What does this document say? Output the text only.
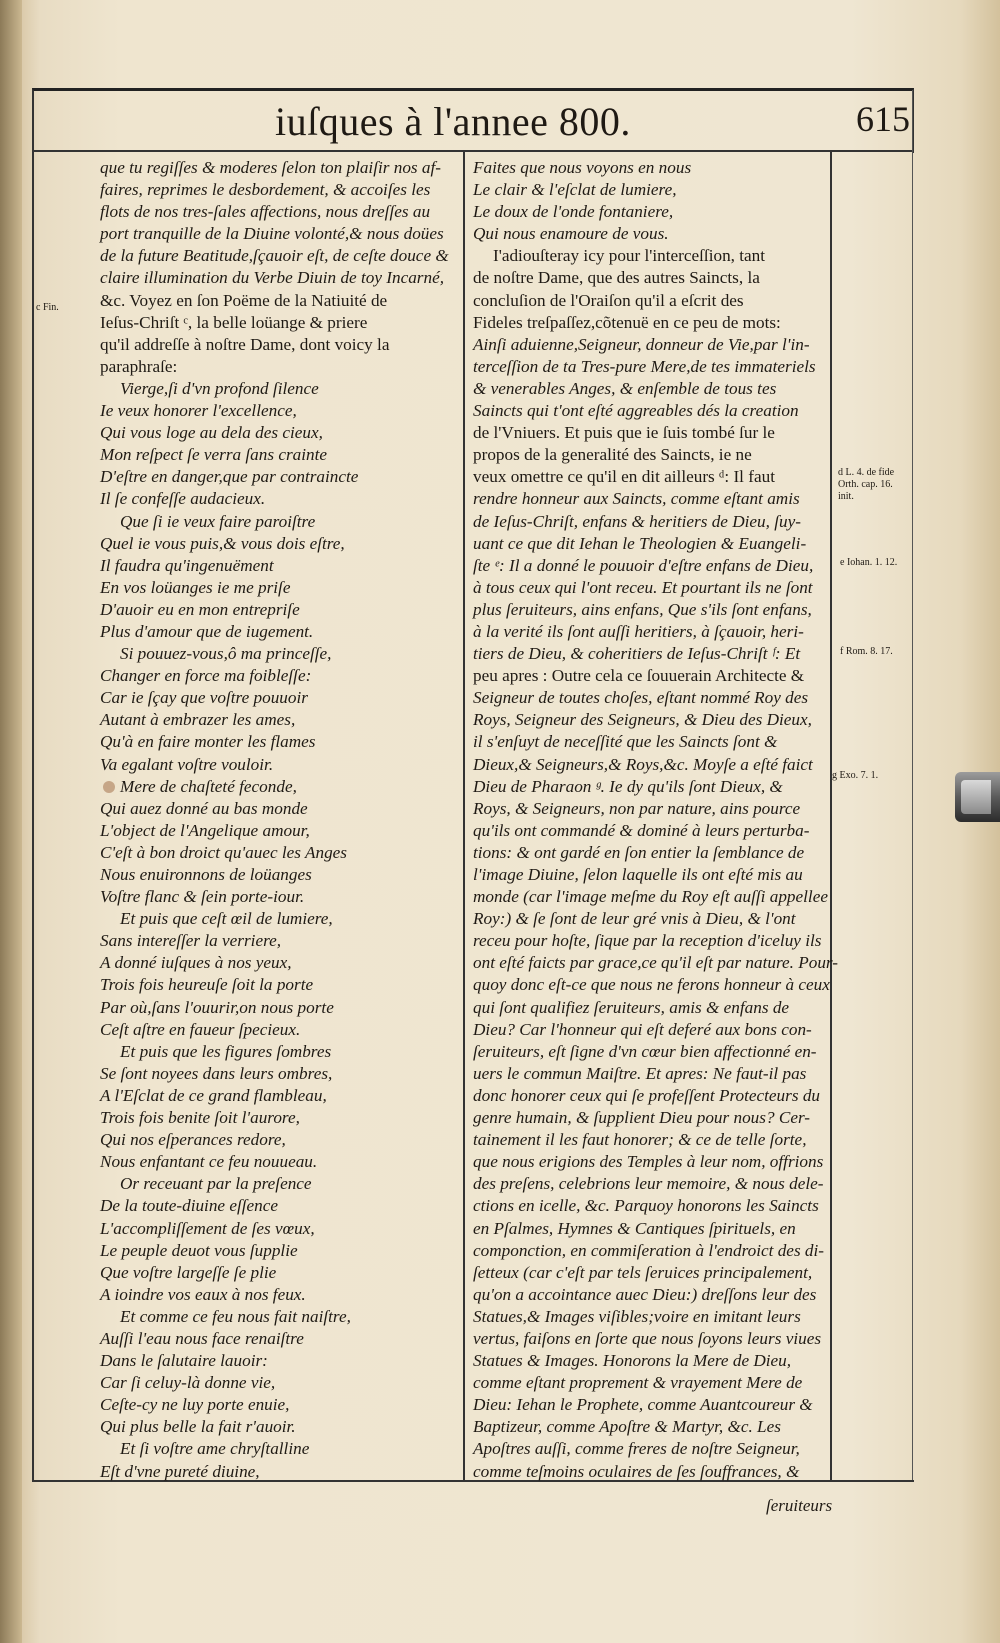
iuſques à l'annee 800.	615
que tu regiſſes & moderes ſelon ton plaiſir nos af-
faires, reprimes le desbordement, & accoiſes les
flots de nos tres-ſales affections, nous dreſſes au
port tranquille de la Diuine volonté,& nous doües
de la future Beatitude,ſçauoir eſt, de ceſte douce &
claire illumination du Verbe Diuin de toy Incarné,
&c. Voyez en ſon Poëme de la Natiuité de
Ieſus-Chriſt ᶜ, la belle loüange & priere
qu'il addreſſe à noſtre Dame, dont voicy la
paraphraſe:
Vierge,ſi d'vn profond ſilence
Ie veux honorer l'excellence,
Qui vous loge au dela des cieux,
Mon reſpect ſe verra ſans crainte
D'eſtre en danger,que par contraincte
Il ſe confeſſe audacieux.
Que ſi ie veux faire paroiſtre
Quel ie vous puis,& vous dois eſtre,
Il faudra qu'ingenuëment
En vos loüanges ie me priſe
D'auoir eu en mon entrepriſe
Plus d'amour que de iugement.
Si pouuez-vous,ô ma princeſſe,
Changer en force ma foibleſſe:
Car ie ſçay que voſtre pouuoir
Autant à embrazer les ames,
Qu'à en faire monter les flames
Va egalant voſtre vouloir.
Mere de chaſteté feconde,
Qui auez donné au bas monde
L'object de l'Angelique amour,
C'eſt à bon droict qu'auec les Anges
Nous enuironnons de loüanges
Voſtre flanc & ſein porte-iour.
Et puis que ceſt œil de lumiere,
Sans intereſſer la verriere,
A donné iuſques à nos yeux,
Trois fois heureuſe ſoit la porte
Par où,ſans l'ouurir,on nous porte
Ceſt aſtre en faueur ſpecieux.
Et puis que les figures ſombres
Se ſont noyees dans leurs ombres,
A l'Eſclat de ce grand flambleau,
Trois fois benite ſoit l'aurore,
Qui nos eſperances redore,
Nous enfantant ce feu nouueau.
Or receuant par la preſence
De la toute-diuine eſſence
L'accompliſſement de ſes vœux,
Le peuple deuot vous ſupplie
Que voſtre largeſſe ſe plie
A ioindre vos eaux à nos feux.
Et comme ce feu nous fait naiſtre,
Auſſi l'eau nous face renaiſtre
Dans le ſalutaire lauoir:
Car ſi celuy-là donne vie,
Ceſte-cy ne luy porte enuie,
Qui plus belle la fait r'auoir.
Et ſi voſtre ame chryſtalline
Eſt d'vne pureté diuine,
Faites que nous voyons en nous
Le clair & l'eſclat de lumiere,
Le doux de l'onde fontaniere,
Qui nous enamoure de vous.
I'adiouſteray icy pour l'interceſſion, tant
de noſtre Dame, que des autres Saincts, la
concluſion de l'Oraiſon qu'il a eſcrit des
Fideles treſpaſſez,cõtenuë en ce peu de mots:
Ainſi aduienne,Seigneur, donneur de Vie,par l'in-
terceſſion de ta Tres-pure Mere,de tes immateriels
& venerables Anges, & enſemble de tous tes
Saincts qui t'ont eſté aggreables dés la creation
de l'Vniuers. Et puis que ie ſuis tombé ſur le
propos de la generalité des Saincts, ie ne
veux omettre ce qu'il en dit ailleurs ᵈ: Il faut
rendre honneur aux Saincts, comme eſtant amis
de Ieſus-Chriſt, enfans & heritiers de Dieu, ſuy-
uant ce que dit Iehan le Theologien & Euangeli-
ſte ᵉ: Il a donné le pouuoir d'eſtre enfans de Dieu,
à tous ceux qui l'ont receu. Et pourtant ils ne ſont
plus ſeruiteurs, ains enfans, Que s'ils ſont enfans,
à la verité ils ſont auſſi heritiers, à ſçauoir, heri-
tiers de Dieu, & coheritiers de Ieſus-Chriſt ᶠ: Et
peu apres : Outre cela ce ſouuerain Architecte &
Seigneur de toutes choſes, eſtant nommé Roy des
Roys, Seigneur des Seigneurs, & Dieu des Dieux,
il s'enſuyt de neceſſité que les Saincts ſont &
Dieux,& Seigneurs,& Roys,&c. Moyſe a eſté faict
Dieu de Pharaon ᵍ. Ie dy qu'ils ſont Dieux, &
Roys, & Seigneurs, non par nature, ains pource
qu'ils ont commandé & dominé à leurs perturba-
tions: & ont gardé en ſon entier la ſemblance de
l'image Diuine, ſelon laquelle ils ont eſté mis au
monde (car l'image meſme du Roy eſt auſſi appellee
Roy:) & ſe ſont de leur gré vnis à Dieu, & l'ont
receu pour hoſte, ſique par la reception d'iceluy ils
ont eſté faicts par grace,ce qu'il eſt par nature. Pour-
quoy donc eſt-ce que nous ne ferons honneur à ceux
qui ſont qualifiez ſeruiteurs, amis & enfans de
Dieu? Car l'honneur qui eſt deferé aux bons con-
ſeruiteurs, eſt ſigne d'vn cœur bien affectionné en-
uers le commun Maiſtre. Et apres: Ne faut-il pas
donc honorer ceux qui ſe profeſſent Protecteurs du
genre humain, & ſupplient Dieu pour nous? Cer-
tainement il les faut honorer; & ce de telle ſorte,
que nous erigions des Temples à leur nom, offrions
des preſens, celebrions leur memoire, & nous dele-
ctions en icelle, &c. Parquoy honorons les Saincts
en Pſalmes, Hymnes & Cantiques ſpirituels, en
componction, en commiſeration à l'endroict des di-
ſetteux (car c'eſt par tels ſeruices principalement,
qu'on a accointance auec Dieu:) dreſſons leur des
Statues,& Images viſibles;voire en imitant leurs
vertus, faiſons en ſorte que nous ſoyons leurs viues
Statues & Images. Honorons la Mere de Dieu,
comme eſtant proprement & vrayement Mere de
Dieu: Iehan le Prophete, comme Auantcoureur &
Baptizeur, comme Apoſtre & Martyr, &c. Les
Apoſtres auſſi, comme freres de noſtre Seigneur,
comme teſmoins oculaires de ſes ſouffrances, &
c Fin.
d L. 4. de fide Orth. cap. 16. init.
e Iohan. 1. 12.
f Rom. 8. 17.
g Exo. 7. 1.
ſeruiteurs
